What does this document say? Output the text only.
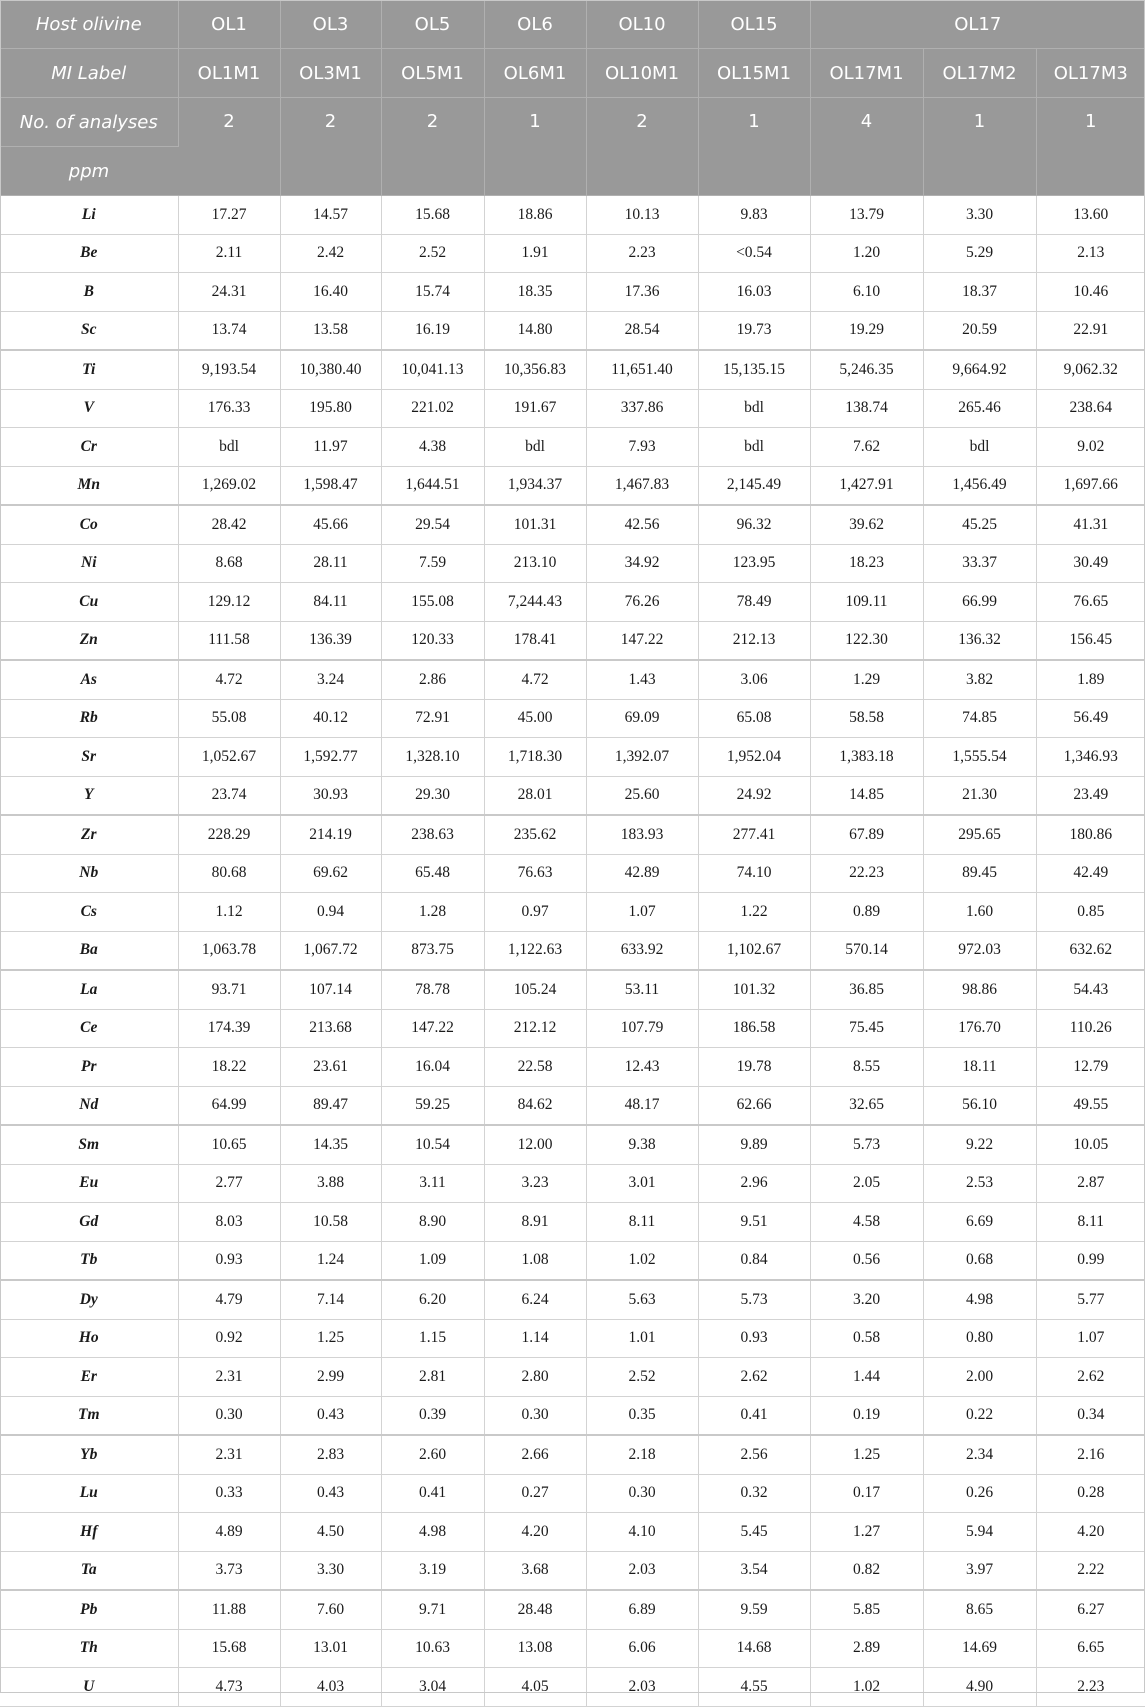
Host olivine	OL1	OL3	OL5	OL6	OL10	OL15	OL17		
MI Label	OL1M1	OL3M1	OL5M1	OL6M1	OL10M1	OL15M1	OL17M1	OL17M2	OL17M3
No. of analyses	2	2	2	1	2	1	4	1	1
ppm									
Li	17.27	14.57	15.68	18.86	10.13	9.83	13.79	3.30	13.60
Be	2.11	2.42	2.52	1.91	2.23	<0.54	1.20	5.29	2.13
B	24.31	16.40	15.74	18.35	17.36	16.03	6.10	18.37	10.46
Sc	13.74	13.58	16.19	14.80	28.54	19.73	19.29	20.59	22.91
Ti	9,193.54	10,380.40	10,041.13	10,356.83	11,651.40	15,135.15	5,246.35	9,664.92	9,062.32
V	176.33	195.80	221.02	191.67	337.86	bdl	138.74	265.46	238.64
Cr	bdl	11.97	4.38	bdl	7.93	bdl	7.62	bdl	9.02
Mn	1,269.02	1,598.47	1,644.51	1,934.37	1,467.83	2,145.49	1,427.91	1,456.49	1,697.66
Co	28.42	45.66	29.54	101.31	42.56	96.32	39.62	45.25	41.31
Ni	8.68	28.11	7.59	213.10	34.92	123.95	18.23	33.37	30.49
Cu	129.12	84.11	155.08	7,244.43	76.26	78.49	109.11	66.99	76.65
Zn	111.58	136.39	120.33	178.41	147.22	212.13	122.30	136.32	156.45
As	4.72	3.24	2.86	4.72	1.43	3.06	1.29	3.82	1.89
Rb	55.08	40.12	72.91	45.00	69.09	65.08	58.58	74.85	56.49
Sr	1,052.67	1,592.77	1,328.10	1,718.30	1,392.07	1,952.04	1,383.18	1,555.54	1,346.93
Y	23.74	30.93	29.30	28.01	25.60	24.92	14.85	21.30	23.49
Zr	228.29	214.19	238.63	235.62	183.93	277.41	67.89	295.65	180.86
Nb	80.68	69.62	65.48	76.63	42.89	74.10	22.23	89.45	42.49
Cs	1.12	0.94	1.28	0.97	1.07	1.22	0.89	1.60	0.85
Ba	1,063.78	1,067.72	873.75	1,122.63	633.92	1,102.67	570.14	972.03	632.62
La	93.71	107.14	78.78	105.24	53.11	101.32	36.85	98.86	54.43
Ce	174.39	213.68	147.22	212.12	107.79	186.58	75.45	176.70	110.26
Pr	18.22	23.61	16.04	22.58	12.43	19.78	8.55	18.11	12.79
Nd	64.99	89.47	59.25	84.62	48.17	62.66	32.65	56.10	49.55
Sm	10.65	14.35	10.54	12.00	9.38	9.89	5.73	9.22	10.05
Eu	2.77	3.88	3.11	3.23	3.01	2.96	2.05	2.53	2.87
Gd	8.03	10.58	8.90	8.91	8.11	9.51	4.58	6.69	8.11
Tb	0.93	1.24	1.09	1.08	1.02	0.84	0.56	0.68	0.99
Dy	4.79	7.14	6.20	6.24	5.63	5.73	3.20	4.98	5.77
Ho	0.92	1.25	1.15	1.14	1.01	0.93	0.58	0.80	1.07
Er	2.31	2.99	2.81	2.80	2.52	2.62	1.44	2.00	2.62
Tm	0.30	0.43	0.39	0.30	0.35	0.41	0.19	0.22	0.34
Yb	2.31	2.83	2.60	2.66	2.18	2.56	1.25	2.34	2.16
Lu	0.33	0.43	0.41	0.27	0.30	0.32	0.17	0.26	0.28
Hf	4.89	4.50	4.98	4.20	4.10	5.45	1.27	5.94	4.20
Ta	3.73	3.30	3.19	3.68	2.03	3.54	0.82	3.97	2.22
Pb	11.88	7.60	9.71	28.48	6.89	9.59	5.85	8.65	6.27
Th	15.68	13.01	10.63	13.08	6.06	14.68	2.89	14.69	6.65
U	4.73	4.03	3.04	4.05	2.03	4.55	1.02	4.90	2.23
